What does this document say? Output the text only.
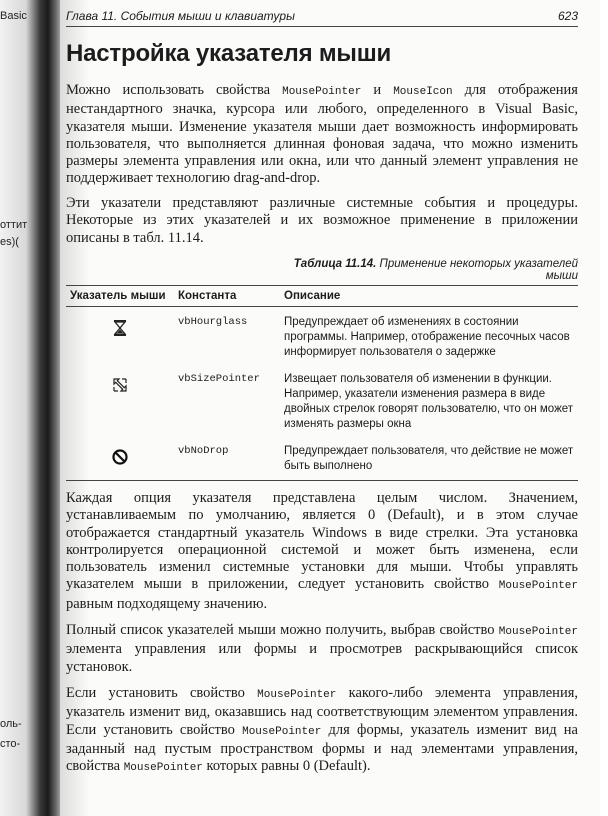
Basic
оттит
es)(
оль-
сто-
Глава 11. События мыши и клавиатуры	623
Настройка указателя мыши

Можно использовать свойства MousePointer и MouseIcon для отображения нестандартного значка, курсора или любого, определенного в Visual Basic, указателя мыши. Изменение указателя мыши дает возможность информировать пользователя, что выполняется длинная фоновая задача, что можно изменить размеры элемента управления или окна, или что данный элемент управления не поддерживает технологию drag-and-drop.

Эти указатели представляют различные системные события и процедуры. Некоторые из этих указателей и их возможное применение в приложении описаны в табл. 11.14.

Таблица 11.14. Применение некоторых указателей мыши
Указатель мыши	Константа	Описание
	vbHourglass	Предупреждает об изменениях в состоянии программы. Например, отображение песочных часов информирует пользователя о задержке
	vbSizePointer	Извещает пользователя об изменении в функции. Например, указатели изменения размера в виде двойных стрелок говорят пользователю, что он может изменять размеры окна
	vbNoDrop	Предупреждает пользователя, что действие не может быть выполнено

Каждая опция указателя представлена целым числом. Значением, устанавливаемым по умолчанию, является 0 (Default), и в этом случае отображается стандартный указатель Windows в виде стрелки. Эта установка контролируется операционной системой и может быть изменена, если пользователь изменил системные установки для мыши. Чтобы управлять указателем мыши в приложении, следует установить свойство MousePointer равным подходящему значению.

Полный список указателей мыши можно получить, выбрав свойство MousePointer элемента управления или формы и просмотрев раскрывающийся список установок.

Если установить свойство MousePointer какого-либо элемента управления, указатель изменит вид, оказавшись над соответствующим элементом управления. Если установить свойство MousePointer для формы, указатель изменит вид на заданный над пустым пространством формы и над элементами управления, свойства MousePointer которых равны 0 (Default).
